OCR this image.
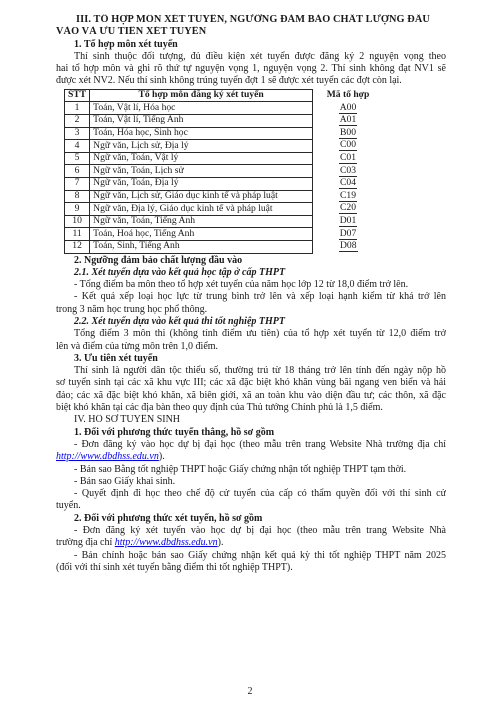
III. TỔ HỢP MÔN XÉT TUYỂN, NGƯỠNG ĐẢM BẢO CHẤT LƯỢNG ĐẦU
VÀO VÀ ƯU TIÊN XÉT TUYỂN
1. Tổ hợp môn xét tuyển
Thí sinh thuộc đối tượng, đủ điều kiện xét tuyển được đăng ký 2 nguyện vọng theo
hai tổ hợp môn và ghi rõ thứ tự nguyện vọng 1, nguyện vọng 2. Thí sinh không đạt NV1 sẽ
được xét NV2. Nếu thí sinh không trúng tuyển đợt 1 sẽ được xét tuyển các đợt còn lại.
STT	Tổ hợp môn đăng ký xét tuyển	Mã tổ hợp
1	Toán, Vật lí, Hóa học	A00
2	Toán, Vật lí, Tiếng Anh	A01
3	Toán, Hóa học, Sinh học	B00
4	Ngữ văn, Lịch sử, Địa lý	C00
5	Ngữ văn, Toán, Vật lý	C01
6	Ngữ văn, Toán, Lịch sử	C03
7	Ngữ văn, Toán, Địa lý	C04
8	Ngữ văn, Lịch sử, Giáo dục kinh tế và pháp luật	C19
9	Ngữ văn, Địa lý, Giáo dục kinh tế và pháp luật	C20
10	Ngữ văn, Toán, Tiếng Anh	D01
11	Toán, Hoá học, Tiếng Anh	D07
12	Toán, Sinh, Tiếng Anh	D08
2. Ngưỡng đảm bảo chất lượng đầu vào
2.1. Xét tuyển dựa vào kết quả học tập ở cấp THPT
- Tổng điểm ba môn theo tổ hợp xét tuyển của năm học lớp 12 từ 18,0 điểm trở lên.
- Kết quả xếp loại học lực từ trung bình trở lên và xếp loại hạnh kiểm từ khá trở lên
trong 3 năm học trung học phổ thông.
2.2. Xét tuyển dựa vào kết quả thi tốt nghiệp THPT
Tổng điểm 3 môn thi (không tính điểm ưu tiên) của tổ hợp xét tuyển từ 12,0 điểm trở
lên và điểm của từng môn trên 1,0 điểm.
3. Ưu tiên xét tuyển
Thí sinh là người dân tộc thiểu số, thường trú từ 18 tháng trở lên tính đến ngày nộp hồ
sơ tuyển sinh tại các xã khu vực III; các xã đặc biệt khó khăn vùng bãi ngang ven biển và hải
đảo; các xã đặc biệt khó khăn, xã biên giới, xã an toàn khu vào diện đầu tư; các thôn, xã đặc
biệt khó khăn tại các địa bàn theo quy định của Thủ tướng Chính phủ là 1,5 điểm.
IV. HỒ SƠ TUYỂN SINH
1. Đối với phương thức tuyển thẳng, hồ sơ gồm
- Đơn đăng ký vào học dự bị đại học (theo mẫu trên trang Website Nhà trường địa chỉ
http://www.dbdhss.edu.vn).
- Bản sao Bằng tốt nghiệp THPT hoặc Giấy chứng nhận tốt nghiệp THPT tạm thời.
- Bản sao Giấy khai sinh.
- Quyết định đi học theo chế độ cử tuyển của cấp có thẩm quyền đối với thí sinh cử
tuyển.
2. Đối với phương thức xét tuyển, hồ sơ gồm
- Đơn đăng ký xét tuyển vào học dự bị đại học (theo mẫu trên trang Website Nhà
trường địa chỉ http://www.dbdhss.edu.vn).
- Bản chính hoặc bản sao Giấy chứng nhận kết quả kỳ thi tốt nghiệp THPT năm 2025
(đối với thí sinh xét tuyển bằng điểm thi tốt nghiệp THPT).
2
